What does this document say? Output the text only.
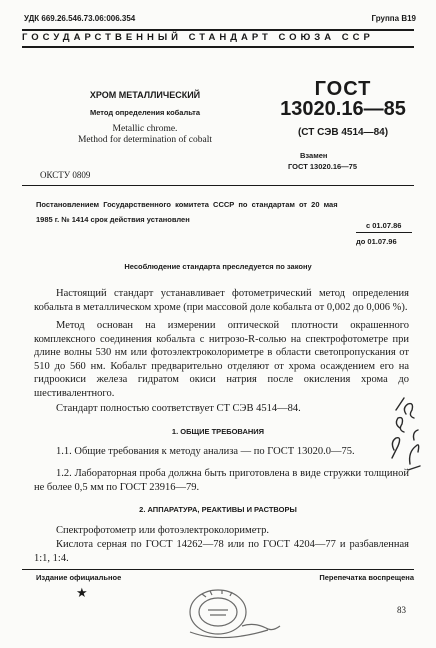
УДК 669.26.546.73.06:006.354	Группа В19
ГОСУДАРСТВЕННЫЙ СТАНДАРТ СОЮЗА ССР
ХРОМ МЕТАЛЛИЧЕСКИЙ
Метод определения кобальта
Metallic chrome.
Method for determination of cobalt
ГОСТ
13020.16—85
(СТ СЭВ 4514—84)
Взамен
ГОСТ 13020.16—75
ОКСТУ 0809
Постановлением Государственного комитета СССР по стандартам от 20 мая
1985 г. № 1414 срок действия установлен
с 01.07.86
до 01.07.96
Несоблюдение стандарта преследуется по закону
Настоящий стандарт устанавливает фотометрический метод определения кобальта в металлическом хроме (при массовой доле кобальта от 0,002 до 0,006 %).
Метод основан на измерении оптической плотности окрашенного комплексного соединения кобальта с нитрозо-R-солью на спектрофотометре при длине волны 530 нм или фотоэлектроколориметре в области светопропускания от 510 до 560 нм. Кобальт предварительно отделяют от хрома осаждением его на гидроокиси железа гидратом окиси натрия после окисления хрома до шестивалентного.
Стандарт полностью соответствует СТ СЭВ 4514—84.
1. ОБЩИЕ ТРЕБОВАНИЯ
1.1. Общие требования к методу анализа — по ГОСТ 13020.0—75.
1.2. Лабораторная проба должна быть приготовлена в виде стружки толщиной не более 0,5 мм по ГОСТ 23916—79.
2. АППАРАТУРА, РЕАКТИВЫ И РАСТВОРЫ
Спектрофотометр или фотоэлектроколориметр.
Кислота серная по ГОСТ 14262—78 или по ГОСТ 4204—77 и разбавленная 1:1, 1:4.
Издание официальное	Перепечатка воспрещена
★
83
